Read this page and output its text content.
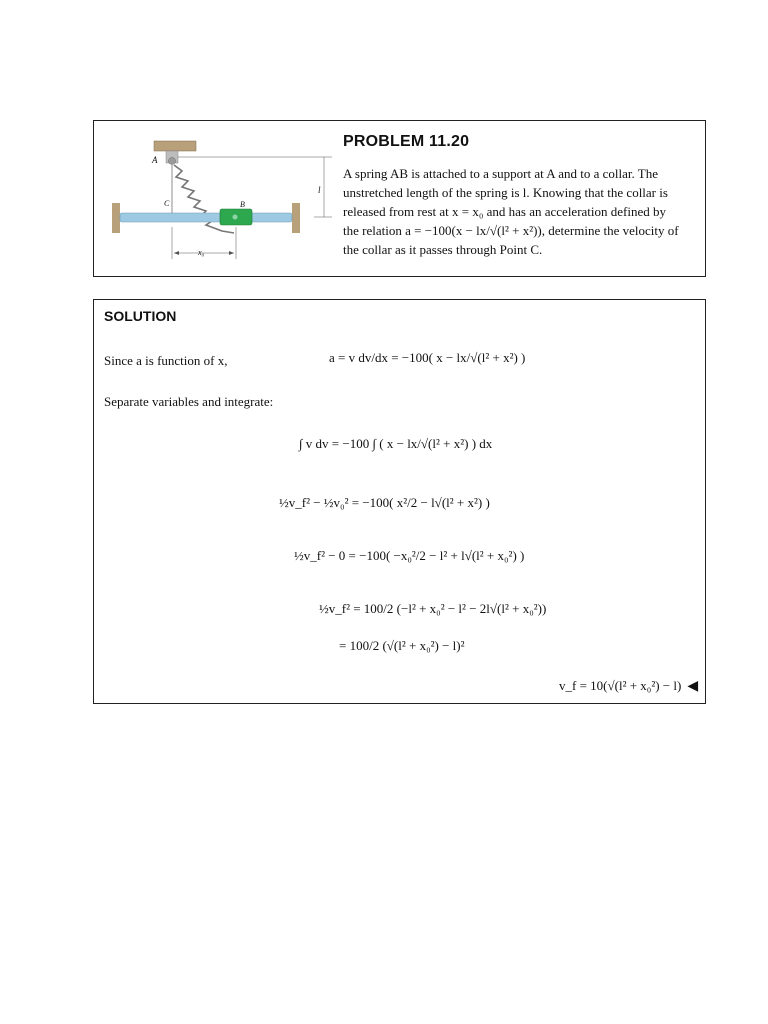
A
B
C
l
x₀
PROBLEM 11.20
A spring AB is attached to a support at A and to a collar. The
unstretched length of the spring is l. Knowing that the collar is
released from rest at x = x₀ and has an acceleration defined by
the relation a = −100(x − lx/√(l² + x²)), determine the velocity of
the collar as it passes through Point C.
SOLUTION
Since a is function of x,	a = v dv/dx = −100( x − lx/√(l² + x²) )
Separate variables and integrate:
∫ v dv = −100 ∫ ( x − lx/√(l² + x²) ) dx
½v_f² − ½v₀² = −100( x²/2 − l√(l² + x²) )
½v_f² − 0 = −100( −x₀²/2 − l² + l√(l² + x₀²) )
½v_f² = 100/2 (−l² + x₀² − l² − 2l√(l² + x₀²))
= 100/2 (√(l² + x₀²) − l)²
v_f = 10(√(l² + x₀²) − l) ◀
